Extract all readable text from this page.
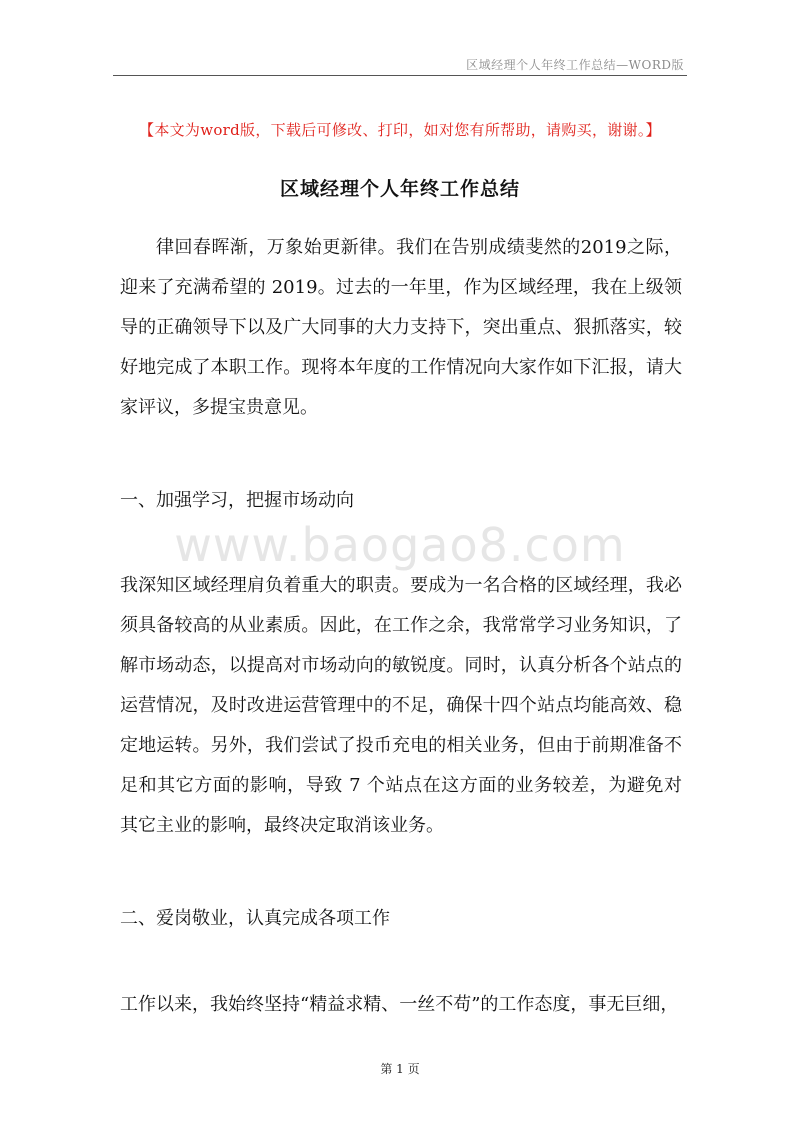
区域经理个人年终工作总结—WORD版
【本文为word版，下载后可修改、打印，如对您有所帮助，请购买，谢谢。】
区域经理个人年终工作总结

律回春晖渐，万象始更新律。我们在告别成绩斐然的2019之际，迎来了充满希望的 2019。过去的一年里，作为区域经理，我在上级领导的正确领导下以及广大同事的大力支持下，突出重点、狠抓落实，较好地完成了本职工作。现将本年度的工作情况向大家作如下汇报，请大家评议，多提宝贵意见。

一、加强学习，把握市场动向

www.baogao8.com

我深知区域经理肩负着重大的职责。要成为一名合格的区域经理，我必须具备较高的从业素质。因此，在工作之余，我常常学习业务知识，了解市场动态，以提高对市场动向的敏锐度。同时，认真分析各个站点的运营情况，及时改进运营管理中的不足，确保十四个站点均能高效、稳定地运转。另外，我们尝试了投币充电的相关业务，但由于前期准备不足和其它方面的影响，导致 7 个站点在这方面的业务较差，为避免对其它主业的影响，最终决定取消该业务。

二、爱岗敬业，认真完成各项工作

工作以来，我始终坚持“精益求精、一丝不苟”的工作态度，事无巨细，

第 1 页
